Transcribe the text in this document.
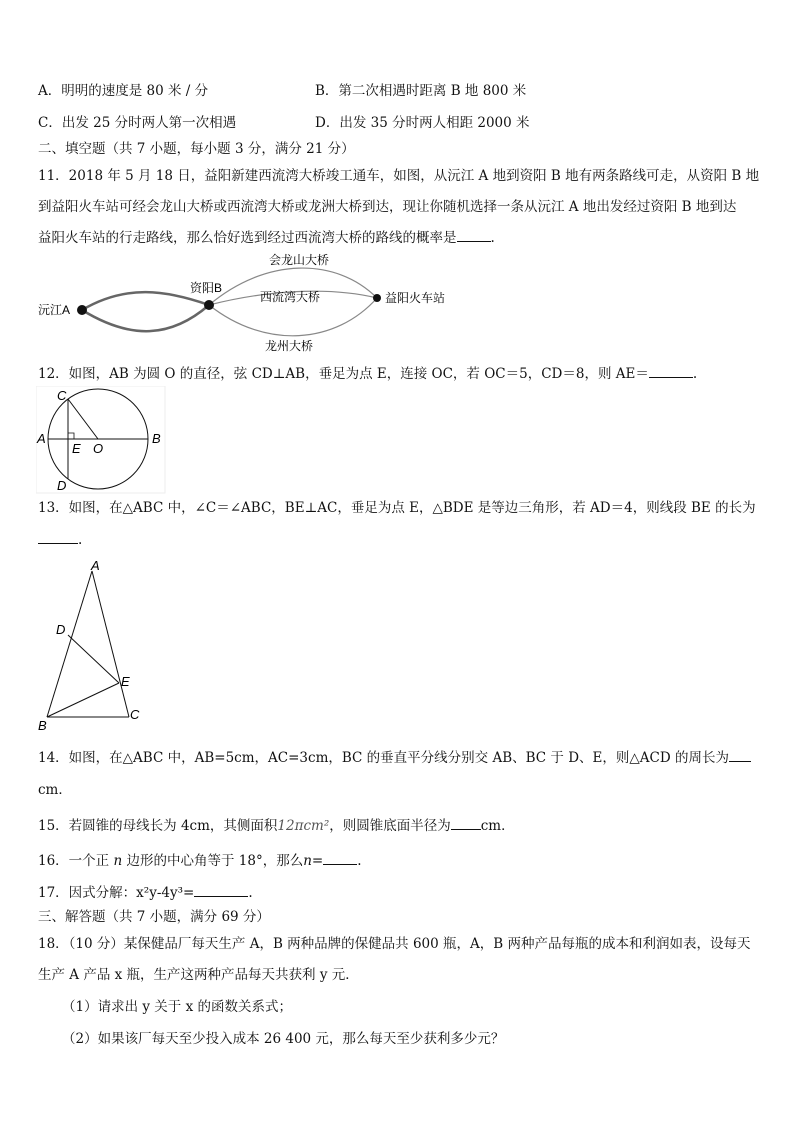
A．明明的速度是 80 米 / 分	B．第二次相遇时距离 B 地 800 米
C．出发 25 分时两人第一次相遇	D．出发 35 分时两人相距 2000 米
二、填空题（共 7 小题，每小题 3 分，满分 21 分）
11．2018 年 5 月 18 日，益阳新建西流湾大桥竣工通车，如图，从沅江 A 地到资阳 B 地有两条路线可走，从资阳 B 地
到益阳火车站可经会龙山大桥或西流湾大桥或龙洲大桥到达，现让你随机选择一条从沅江 A 地出发经过资阳 B 地到达
益阳火车站的行走路线，那么恰好选到经过西流湾大桥的路线的概率是	.
会龙山大桥
西流湾大桥
龙州大桥
沅江A
资阳B
益阳火车站
12．如图，AB 为圆 O 的直径，弦 CD⊥AB，垂足为点 E，连接 OC，若 OC＝5，CD＝8，则 AE＝	.
A	B
C
D
E O
13．如图，在△ABC 中，∠C＝∠ABC，BE⊥AC，垂足为点 E，△BDE 是等边三角形，若 AD＝4，则线段 BE 的长为
.
A
B
C
D
E
14．如图，在△ABC 中，AB=5cm，AC=3cm，BC 的垂直平分线分别交 AB、BC 于 D、E，则△ACD 的周长为
cm．
15．若圆锥的母线长为 4cm，其侧面积12πcm²，则圆锥底面半径为 cm．
16．一个正 n 边形的中心角等于 18°，那么n=	.
17．因式分解：x²y-4y³=	.
三、解答题（共 7 小题，满分 69 分）
18．（10 分）某保健品厂每天生产 A，B 两种品牌的保健品共 600 瓶，A，B 两种产品每瓶的成本和利润如表，设每天
生产 A 产品 x 瓶，生产这两种产品每天共获利 y 元．
（1）请求出 y 关于 x 的函数关系式；
（2）如果该厂每天至少投入成本 26 400 元，那么每天至少获利多少元？
